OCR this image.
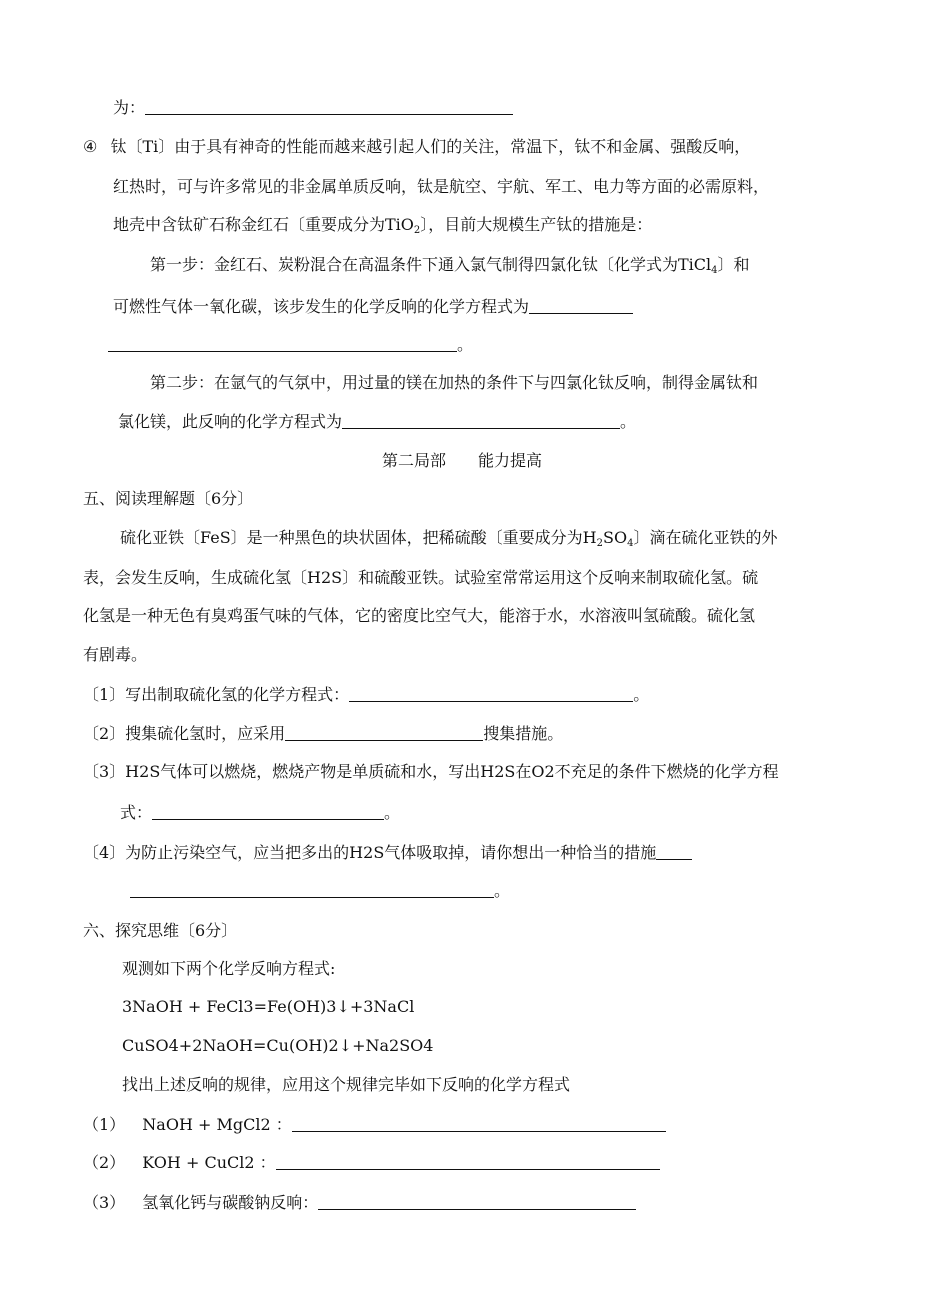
为：
④ 钛〔Ti〕由于具有神奇的性能而越来越引起人们的关注，常温下，钛不和金属、强酸反响，
红热时，可与许多常见的非金属单质反响，钛是航空、宇航、军工、电力等方面的必需原料，
地壳中含钛矿石称金红石〔重要成分为TiO$_2$〕，目前大规模生产钛的措施是：
第一步：金红石、炭粉混合在高温条件下通入氯气制得四氯化钛〔化学式为TiCl$_4$〕和
可燃性气体一氧化碳，该步发生的化学反响的化学方程式为
。
第二步：在氩气的气氛中，用过量的镁在加热的条件下与四氯化钛反响，制得金属钛和
氯化镁，此反响的化学方程式为	。
第二局部　　能力提高
五、阅读理解题〔6分〕
硫化亚铁〔FeS〕是一种黑色的块状固体，把稀硫酸〔重要成分为$H_2SO_4$〕滴在硫化亚铁的外
表，会发生反响，生成硫化氢〔H2S〕和硫酸亚铁。试验室常常运用这个反响来制取硫化氢。硫
化氢是一种无色有臭鸡蛋气味的气体，它的密度比空气大，能溶于水，水溶液叫氢硫酸。硫化氢
有剧毒。
〔1〕写出制取硫化氢的化学方程式：	。
〔2〕搜集硫化氢时，应采用	搜集措施。
〔3〕H2S气体可以燃烧，燃烧产物是单质硫和水，写出H2S在O2不充足的条件下燃烧的化学方程
式：	。
〔4〕为防止污染空气，应当把多出的H2S气体吸取掉，请你想出一种恰当的措施
。
六、探究思维〔6分〕
观测如下两个化学反响方程式:
3NaOH + FeCl3=Fe(OH)3↓+3NaCl
CuSO4+2NaOH=Cu(OH)2↓+Na2SO4
找出上述反响的规律，应用这个规律完毕如下反响的化学方程式
（1） NaOH + MgCl2 ：
（2） KOH + CuCl2 ：
（3） 氢氧化钙与碳酸钠反响：
